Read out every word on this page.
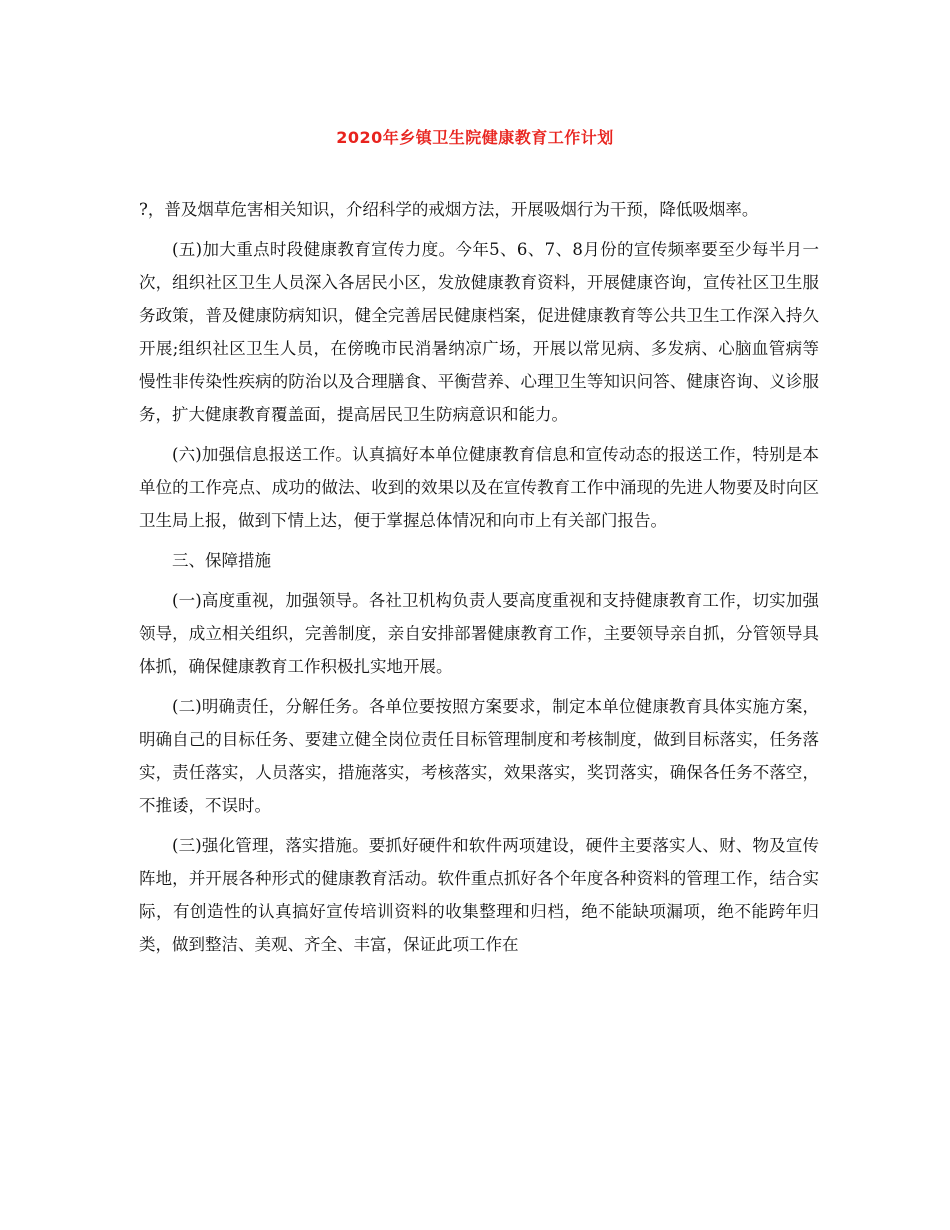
2020年乡镇卫生院健康教育工作计划

?，普及烟草危害相关知识，介绍科学的戒烟方法，开展吸烟行为干预，降低吸烟率。

(五)加大重点时段健康教育宣传力度。今年5、6、7、8月份的宣传频率要至少每半月一次，组织社区卫生人员深入各居民小区，发放健康教育资料，开展健康咨询，宣传社区卫生服务政策，普及健康防病知识，健全完善居民健康档案，促进健康教育等公共卫生工作深入持久开展;组织社区卫生人员，在傍晚市民消暑纳凉广场，开展以常见病、多发病、心脑血管病等慢性非传染性疾病的防治以及合理膳食、平衡营养、心理卫生等知识问答、健康咨询、义诊服务，扩大健康教育覆盖面，提高居民卫生防病意识和能力。

(六)加强信息报送工作。认真搞好本单位健康教育信息和宣传动态的报送工作，特别是本单位的工作亮点、成功的做法、收到的效果以及在宣传教育工作中涌现的先进人物要及时向区卫生局上报，做到下情上达，便于掌握总体情况和向市上有关部门报告。

三、保障措施

(一)高度重视，加强领导。各社卫机构负责人要高度重视和支持健康教育工作，切实加强领导，成立相关组织，完善制度，亲自安排部署健康教育工作，主要领导亲自抓，分管领导具体抓，确保健康教育工作积极扎实地开展。

(二)明确责任，分解任务。各单位要按照方案要求，制定本单位健康教育具体实施方案，明确自己的目标任务、要建立健全岗位责任目标管理制度和考核制度，做到目标落实，任务落实，责任落实，人员落实，措施落实，考核落实，效果落实，奖罚落实，确保各任务不落空，不推诿，不误时。

(三)强化管理，落实措施。要抓好硬件和软件两项建设，硬件主要落实人、财、物及宣传阵地，并开展各种形式的健康教育活动。软件重点抓好各个年度各种资料的管理工作，结合实际，有创造性的认真搞好宣传培训资料的收集整理和归档，绝不能缺项漏项，绝不能跨年归类，做到整洁、美观、齐全、丰富，保证此项工作在
